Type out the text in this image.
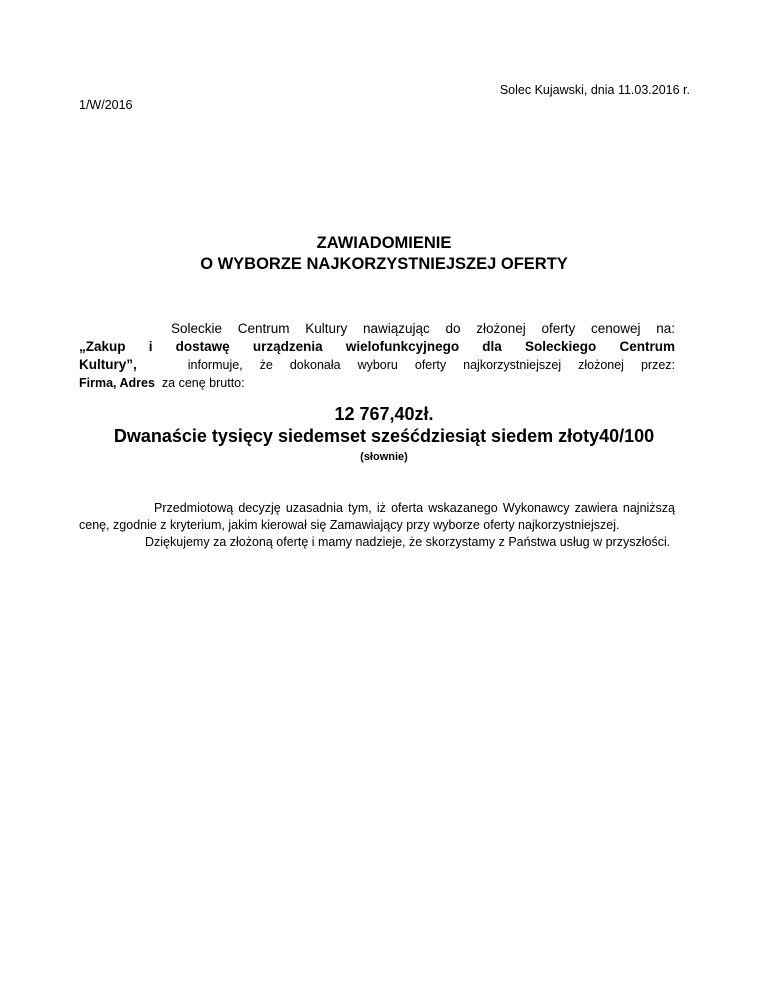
Solec Kujawski, dnia 11.03.2016 r.
1/W/2016
ZAWIADOMIENIE
O WYBORZE NAJKORZYSTNIEJSZEJ OFERTY
Soleckie Centrum Kultury nawiązując do złożonej oferty cenowej na:
„Zakup i dostawę urządzenia wielofunkcyjnego dla Soleckiego Centrum
Kultury”,	informuje, że dokonała wyboru oferty najkorzystniejszej złożonej przez:
Firma, Adres za cenę brutto:
12 767,40zł.
Dwanaście tysięcy siedemset sześćdziesiąt siedem złoty40/100
(słownie)

Przedmiotową decyzję uzasadnia tym, iż oferta wskazanego Wykonawcy zawiera najniższą cenę, zgodnie z kryterium, jakim kierował się Zamawiający przy wyborze oferty najkorzystniejszej.

Dziękujemy za złożoną ofertę i mamy nadzieje, że skorzystamy z Państwa usług w przyszłości.
